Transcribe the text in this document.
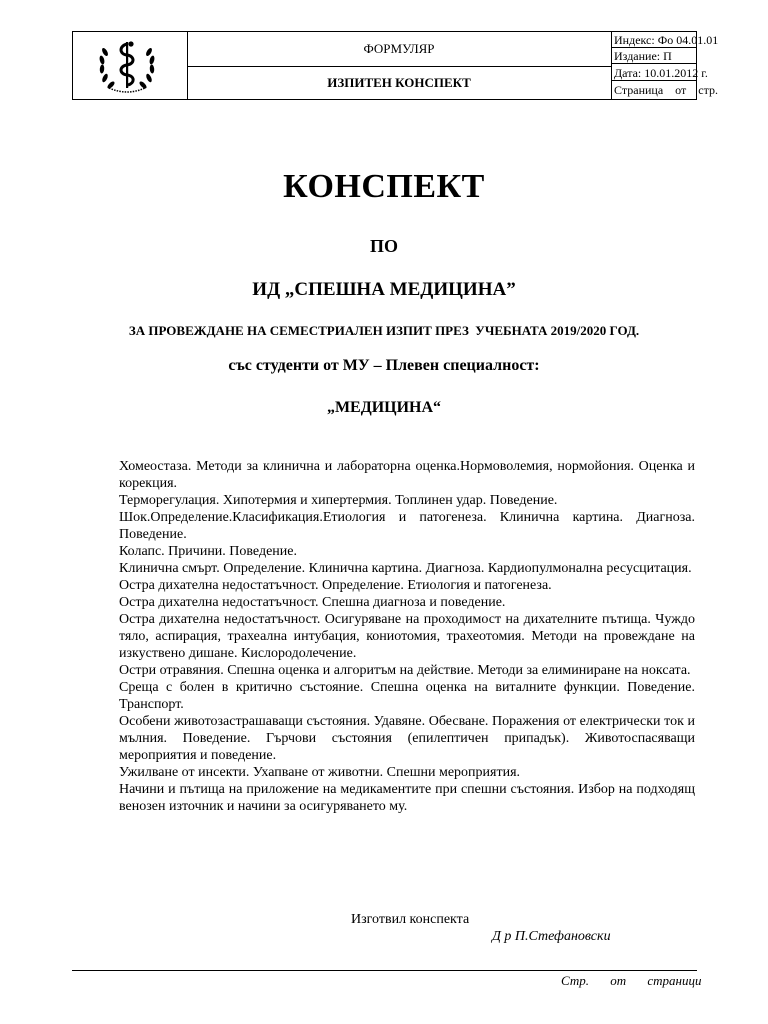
ФОРМУЛЯР
ИЗПИТЕН КОНСПЕКТ
Индекс: Фо 04.01.01
Издание: П
Дата: 10.01.2012 г.
Страница    от    стр.
КОНСПЕКТ
ПО
ИД „СПЕШНА МЕДИЦИНА”
ЗА ПРОВЕЖДАНЕ НА СЕМЕСТРИАЛЕН ИЗПИТ ПРЕЗ  УЧЕБНАТА 2019/2020 ГОД.
със студенти от МУ – Плевен специалност:
„МЕДИЦИНА“
Хомеостаза. Методи за клинична и лабораторна оценка.Нормоволемия, нормойония. Оценка и корекция.
Терморегулация. Хипотермия и хипертермия. Топлинен удар. Поведение.
Шок.Определение.Класификация.Етиология и патогенеза. Клинична картина. Диагноза. Поведение.
Колапс. Причини. Поведение.
Клинична смърт. Определение. Клинична картина. Диагноза. Кардиопулмонална ресусцитация.
Остра дихателна недостатъчност. Определение. Етиология и патогенеза.
Остра дихателна недостатъчност. Спешна диагноза и поведение.
Остра дихателна недостатъчност. Осигуряване на проходимост на дихателните пътища. Чуждо тяло, аспирация, трахеална интубация, кониотомия, трахеотомия. Методи на провеждане на изкуствено дишане. Кислородолечение.
Остри отравяния. Спешна оценка и алгоритъм на действие. Методи за елиминиране на ноксата.
Среща с болен в критично състояние. Спешна оценка на виталните функции. Поведение. Транспорт.
Особени животозастрашаващи състояния. Удавяне. Обесване. Поражения от електрически ток и мълния. Поведение. Гърчови състояния (епилептичен припадък). Животоспасяващи мероприятия и поведение.
Ужилване от инсекти. Ухапване от животни. Спешни мероприятия.
Начини и пътища на приложение на медикаментите при спешни състояния. Избор на подходящ венозен източник и начини за осигуряването му.
Изготвил конспекта
Д р П.Стефановски
Стр. от страници
